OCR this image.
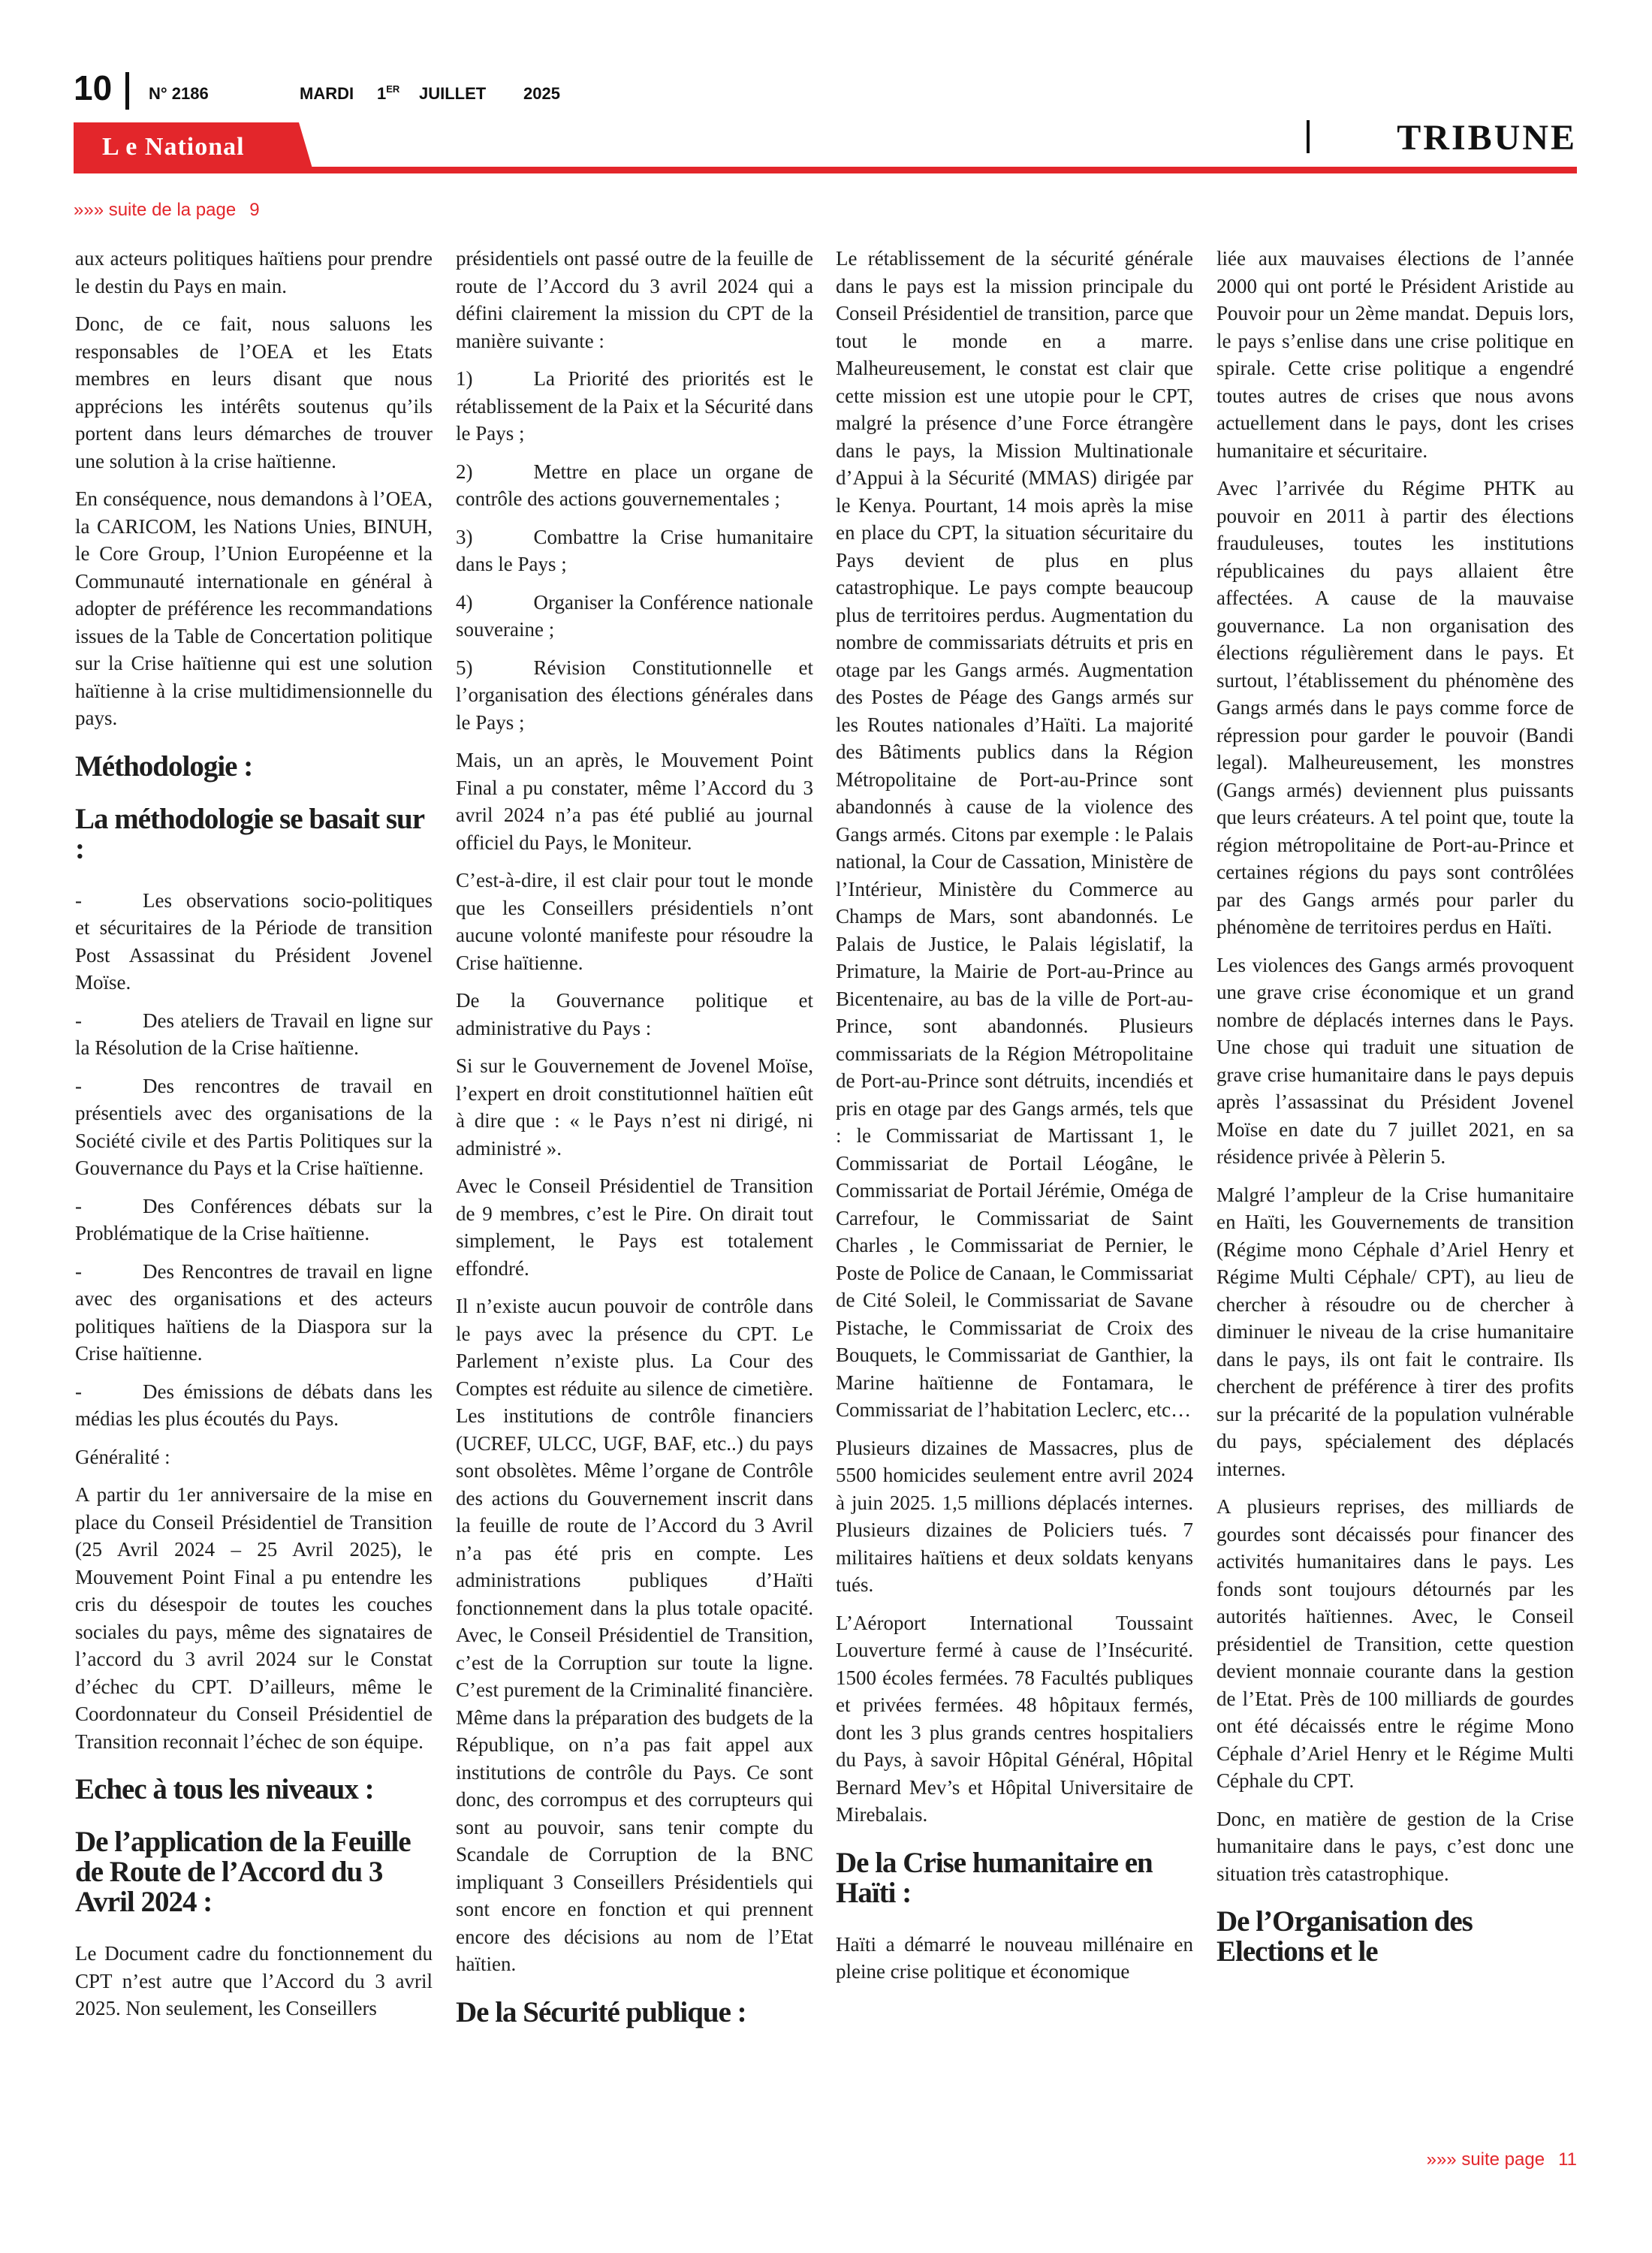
10 N° 2186	MARDI 1ER JUILLET 2025
L e National	TRIBUNE
»»» suite de la page 9

aux acteurs politiques haïtiens pour prendre le destin du Pays en main.

Donc, de ce fait, nous saluons les responsables de l’OEA et les Etats membres en leurs disant que nous apprécions les intérêts soutenus qu’ils portent dans leurs démarches de trouver une solution à la crise haïtienne.

En conséquence, nous demandons à l’OEA, la CARICOM, les Nations Unies, BINUH, le Core Group, l’Union Européenne et la Communauté internationale en général à adopter de préférence les recommandations issues de la Table de Concertation politique sur la Crise haïtienne qui est une solution haïtienne à la crise multidimensionnelle du pays.

Méthodologie :
La méthodologie se basait sur :

-   Les observations socio-politiques et sécuritaires de la Période de transition Post Assassinat du Président Jovenel Moïse.

-   Des ateliers de Travail en ligne sur la Résolution de la Crise haïtienne.

-   Des rencontres de travail en présentiels avec des organisations de la Société civile et des Partis Politiques sur la Gouvernance du Pays et la Crise haïtienne.

-   Des Conférences débats sur la Problématique de la Crise haïtienne.

-   Des Rencontres de travail en ligne avec des organisations et des acteurs politiques haïtiens de la Diaspora sur la Crise haïtienne.

-   Des émissions de débats dans les médias les plus écoutés du Pays.

Généralité :

A partir du 1er anniversaire de la mise en place du Conseil Présidentiel de Transition (25 Avril 2024 – 25 Avril 2025), le Mouvement Point Final a pu entendre les cris du désespoir de toutes les couches sociales du pays, même des signataires de l’accord du 3 avril 2024 sur le Constat d’échec du CPT. D’ailleurs, même le Coordonnateur du Conseil Présidentiel de Transition reconnait l’échec de son équipe.

Echec à tous les niveaux :
De l’application de la Feuille de Route de l’Accord du 3 Avril 2024 :

Le Document cadre du fonctionnement du CPT n’est autre que l’Accord du 3 avril 2025. Non seulement, les Conseillers

présidentiels ont passé outre de la feuille de route de l’Accord du 3 avril 2024 qui a défini clairement la mission du CPT de la manière suivante :

1)   La Priorité des priorités est le rétablissement de la Paix et la Sécurité dans le Pays ;

2)   Mettre en place un organe de contrôle des actions gouvernementales ;

3)   Combattre la Crise humanitaire dans le Pays ;

4)   Organiser la Conférence nationale souveraine ;

5)   Révision Constitutionnelle et l’organisation des élections générales dans le Pays ;

Mais, un an après, le Mouvement Point Final a pu constater, même l’Accord du 3 avril 2024 n’a pas été publié au journal officiel du Pays, le Moniteur.

C’est-à-dire, il est clair pour tout le monde que les Conseillers présidentiels n’ont aucune volonté manifeste pour résoudre la Crise haïtienne.

De la Gouvernance politique et administrative du Pays :

Si sur le Gouvernement de Jovenel Moïse, l’expert en droit constitutionnel haïtien eût à dire que : « le Pays n’est ni dirigé, ni administré ».

Avec le Conseil Présidentiel de Transition de 9 membres, c’est le Pire. On dirait tout simplement, le Pays est totalement effondré.

Il n’existe aucun pouvoir de contrôle dans le pays avec la présence du CPT. Le Parlement n’existe plus. La Cour des Comptes est réduite au silence de cimetière. Les institutions de contrôle financiers (UCREF, ULCC, UGF, BAF, etc..) du pays sont obsolètes. Même l’organe de Contrôle des actions du Gouvernement inscrit dans la feuille de route de l’Accord du 3 Avril n’a pas été pris en compte. Les administrations publiques d’Haïti fonctionnement dans la plus totale opacité. Avec, le Conseil Présidentiel de Transition, c’est de la Corruption sur toute la ligne. C’est purement de la Criminalité financière. Même dans la préparation des budgets de la République, on n’a pas fait appel aux institutions de contrôle du Pays. Ce sont donc, des corrompus et des corrupteurs qui sont au pouvoir, sans tenir compte du Scandale de Corruption de la BNC impliquant 3 Conseillers Présidentiels qui sont encore en fonction et qui prennent encore des décisions au nom de l’Etat haïtien.

De la Sécurité publique :

Le rétablissement de la sécurité générale dans le pays est la mission principale du Conseil Présidentiel de transition, parce que tout le monde en a marre. Malheureusement, le constat est clair que cette mission est une utopie pour le CPT, malgré la présence d’une Force étrangère dans le pays, la Mission Multinationale d’Appui à la Sécurité (MMAS) dirigée par le Kenya. Pourtant, 14 mois après la mise en place du CPT, la situation sécuritaire du Pays devient de plus en plus catastrophique. Le pays compte beaucoup plus de territoires perdus. Augmentation du nombre de commissariats détruits et pris en otage par les Gangs armés. Augmentation des Postes de Péage des Gangs armés sur les Routes nationales d’Haïti. La majorité des Bâtiments publics dans la Région Métropolitaine de Port-au-Prince sont abandonnés à cause de la violence des Gangs armés. Citons par exemple : le Palais national, la Cour de Cassation, Ministère de l’Intérieur, Ministère du Commerce au Champs de Mars, sont abandonnés. Le Palais de Justice, le Palais législatif, la Primature, la Mairie de Port-au-Prince au Bicentenaire, au bas de la ville de Port-au-Prince, sont abandonnés. Plusieurs commissariats de la Région Métropolitaine de Port-au-Prince sont détruits, incendiés et pris en otage par des Gangs armés, tels que : le Commissariat de Martissant 1, le Commissariat de Portail Léogâne, le Commissariat de Portail Jérémie, Oméga de Carrefour, le Commissariat de Saint Charles , le Commissariat de Pernier, le Poste de Police de Canaan, le Commissariat de Cité Soleil, le Commissariat de Savane Pistache, le Commissariat de Croix des Bouquets, le Commissariat de Ganthier, la Marine haïtienne de Fontamara, le Commissariat de l’habitation Leclerc, etc…

Plusieurs dizaines de Massacres, plus de 5500 homicides seulement entre avril 2024 à juin 2025. 1,5 millions déplacés internes. Plusieurs dizaines de Policiers tués. 7 militaires haïtiens et deux soldats kenyans tués.

L’Aéroport International Toussaint Louverture fermé à cause de l’Insécurité. 1500 écoles fermées. 78 Facultés publiques et privées fermées. 48 hôpitaux fermés, dont les 3 plus grands centres hospitaliers du Pays, à savoir Hôpital Général, Hôpital Bernard Mev’s et Hôpital Universitaire de Mirebalais.

De la Crise humanitaire en Haïti :

Haïti a démarré le nouveau millénaire en pleine crise politique et économique

liée aux mauvaises élections de l’année 2000 qui ont porté le Président Aristide au Pouvoir pour un 2ème mandat. Depuis lors, le pays s’enlise dans une crise politique en spirale. Cette crise politique a engendré toutes autres de crises que nous avons actuellement dans le pays, dont les crises humanitaire et sécuritaire.

Avec l’arrivée du Régime PHTK au pouvoir en 2011 à partir des élections frauduleuses, toutes les institutions républicaines du pays allaient être affectées. A cause de la mauvaise gouvernance. La non organisation des élections régulièrement dans le pays. Et surtout, l’établissement du phénomène des Gangs armés dans le pays comme force de répression pour garder le pouvoir (Bandi legal). Malheureusement, les monstres (Gangs armés) deviennent plus puissants que leurs créateurs. A tel point que, toute la région métropolitaine de Port-au-Prince et certaines régions du pays sont contrôlées par des Gangs armés pour parler du phénomène de territoires perdus en Haïti.

Les violences des Gangs armés provoquent une grave crise économique et un grand nombre de déplacés internes dans le Pays. Une chose qui traduit une situation de grave crise humanitaire dans le pays depuis après l’assassinat du Président Jovenel Moïse en date du 7 juillet 2021, en sa résidence privée à Pèlerin 5.

Malgré l’ampleur de la Crise humanitaire en Haïti, les Gouvernements de transition (Régime mono Céphale d’Ariel Henry et Régime Multi Céphale/ CPT), au lieu de chercher à résoudre ou de chercher à diminuer le niveau de la crise humanitaire dans le pays, ils ont fait le contraire. Ils cherchent de préférence à tirer des profits sur la précarité de la population vulnérable du pays, spécialement des déplacés internes.

A plusieurs reprises, des milliards de gourdes sont décaissés pour financer des activités humanitaires dans le pays. Les fonds sont toujours détournés par les autorités haïtiennes. Avec, le Conseil présidentiel de Transition, cette question devient monnaie courante dans la gestion de l’Etat. Près de 100 milliards de gourdes ont été décaissés entre le régime Mono Céphale d’Ariel Henry et le Régime Multi Céphale du CPT.

Donc, en matière de gestion de la Crise humanitaire dans le pays, c’est donc une situation très catastrophique.

De l’Organisation des Elections et le
»»» suite page 11
